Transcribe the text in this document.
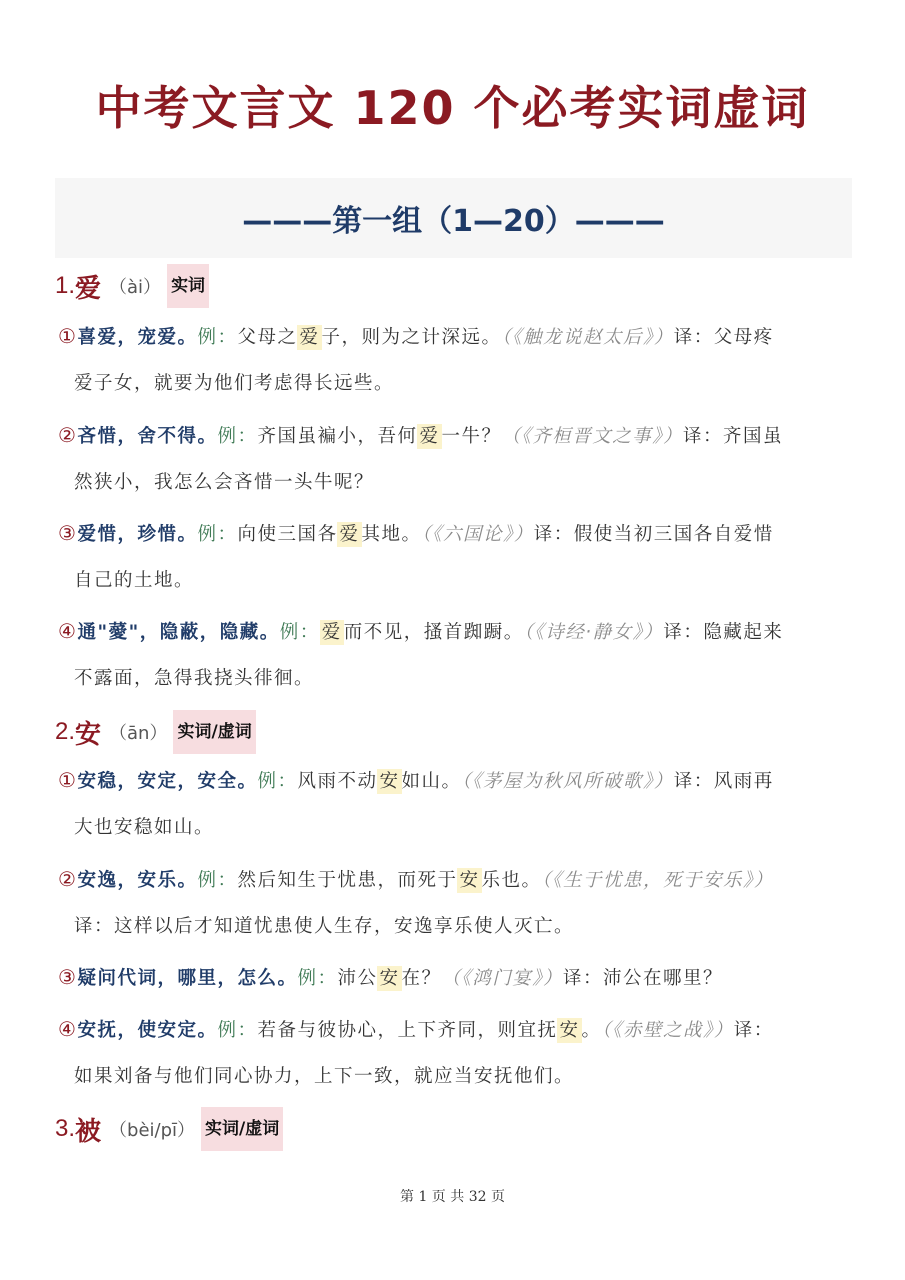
中考文言文 120 个必考实词虚词
———第一组（1—20）———
1. 爱 （ài） 实词
①喜爱，宠爱。例：父母之 爱 子，则为之计深远。（《触龙说赵太后》）译：父母疼
爱子女，就要为他们考虑得长远些。
②吝惜，舍不得。例：齐国虽褊小，吾何 爱 一牛？（《齐桓晋文之事》）译：齐国虽
然狭小，我怎么会吝惜一头牛呢？
③爱惜，珍惜。例：向使三国各 爱 其地。（《六国论》）译：假使当初三国各自爱惜
自己的土地。
④通"薆"，隐蔽，隐藏。例： 爱 而不见，搔首踟蹰。（《诗经·静女》）译：隐藏起来
不露面，急得我挠头徘徊。
2. 安 （ān） 实词/虚词
①安稳，安定，安全。例：风雨不动 安 如山。（《茅屋为秋风所破歌》）译：风雨再
大也安稳如山。
②安逸，安乐。例：然后知生于忧患，而死于 安 乐也。（《生于忧患，死于安乐》）
译：这样以后才知道忧患使人生存，安逸享乐使人灭亡。
③疑问代词，哪里，怎么。例：沛公 安 在？（《鸿门宴》）译：沛公在哪里？
④安抚，使安定。例：若备与彼协心，上下齐同，则宜抚 安 。（《赤壁之战》）译：
如果刘备与他们同心协力，上下一致，就应当安抚他们。
3. 被 （bèi/pī） 实词/虚词
第 1 页 共 32 页
